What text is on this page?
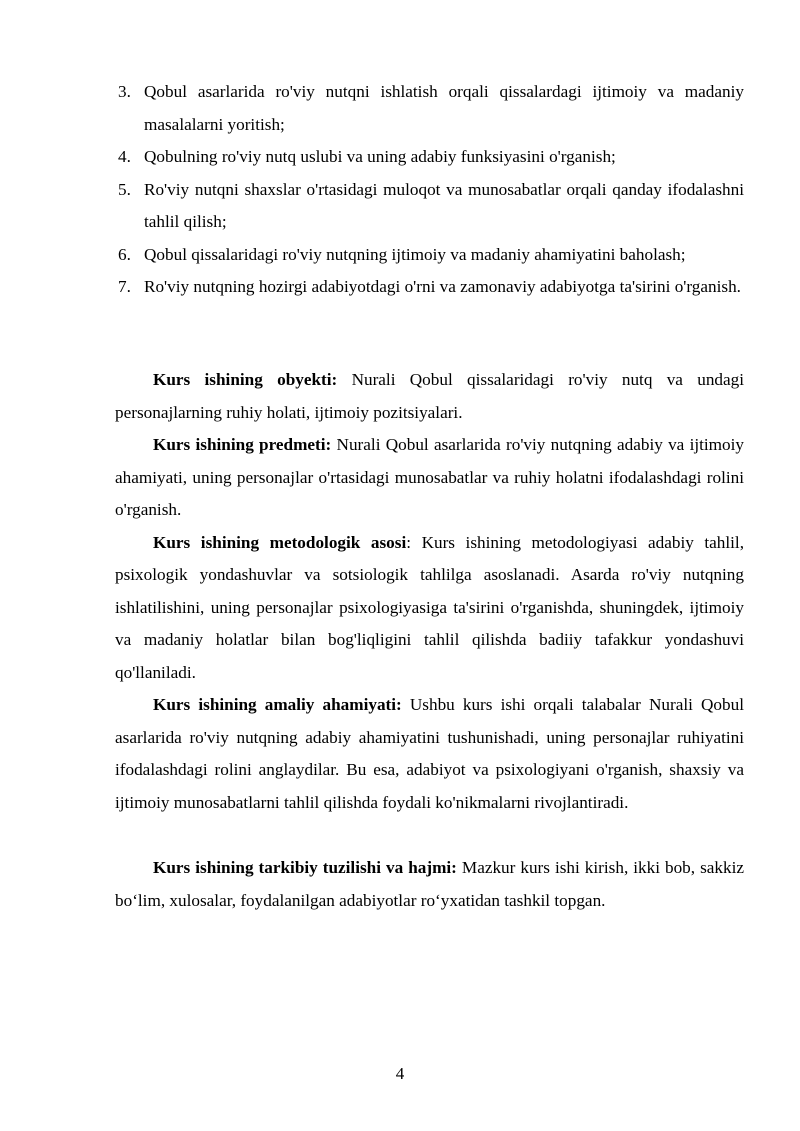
3. Qobul asarlarida ro'viy nutqni ishlatish orqali qissalardagi ijtimoiy va madaniy masalalarni yoritish;
4. Qobulning ro'viy nutq uslubi va uning adabiy funksiyasini o'rganish;
5. Ro'viy nutqni shaxslar o'rtasidagi muloqot va munosabatlar orqali qanday ifodalashni tahlil qilish;
6. Qobul qissalaridagi ro'viy nutqning ijtimoiy va madaniy ahamiyatini baholash;
7. Ro'viy nutqning hozirgi adabiyotdagi o'rni va zamonaviy adabiyotga ta'sirini o'rganish.

Kurs ishining obyekti: Nurali Qobul qissalaridagi ro'viy nutq va undagi personajlarning ruhiy holati, ijtimoiy pozitsiyalari.

Kurs ishining predmeti: Nurali Qobul asarlarida ro'viy nutqning adabiy va ijtimoiy ahamiyati, uning personajlar o'rtasidagi munosabatlar va ruhiy holatni ifodalashdagi rolini o'rganish.

Kurs ishining metodologik asosi: Kurs ishining metodologiyasi adabiy tahlil, psixologik yondashuvlar va sotsiologik tahlilga asoslanadi. Asarda ro'viy nutqning ishlatilishini, uning personajlar psixologiyasiga ta'sirini o'rganishda, shuningdek, ijtimoiy va madaniy holatlar bilan bog'liqligini tahlil qilishda badiiy tafakkur yondashuvi qo'llaniladi.

Kurs ishining amaliy ahamiyati: Ushbu kurs ishi orqali talabalar Nurali Qobul asarlarida ro'viy nutqning adabiy ahamiyatini tushunishadi, uning personajlar ruhiyatini ifodalashdagi rolini anglaydilar. Bu esa, adabiyot va psixologiyani o'rganish, shaxsiy va ijtimoiy munosabatlarni tahlil qilishda foydali ko'nikmalarni rivojlantiradi.

Kurs ishining tarkibiy tuzilishi va hajmi: Mazkur kurs ishi kirish, ikki bob, sakkiz bo‘lim, xulosalar, foydalanilgan adabiyotlar ro‘yxatidan tashkil topgan.

4
